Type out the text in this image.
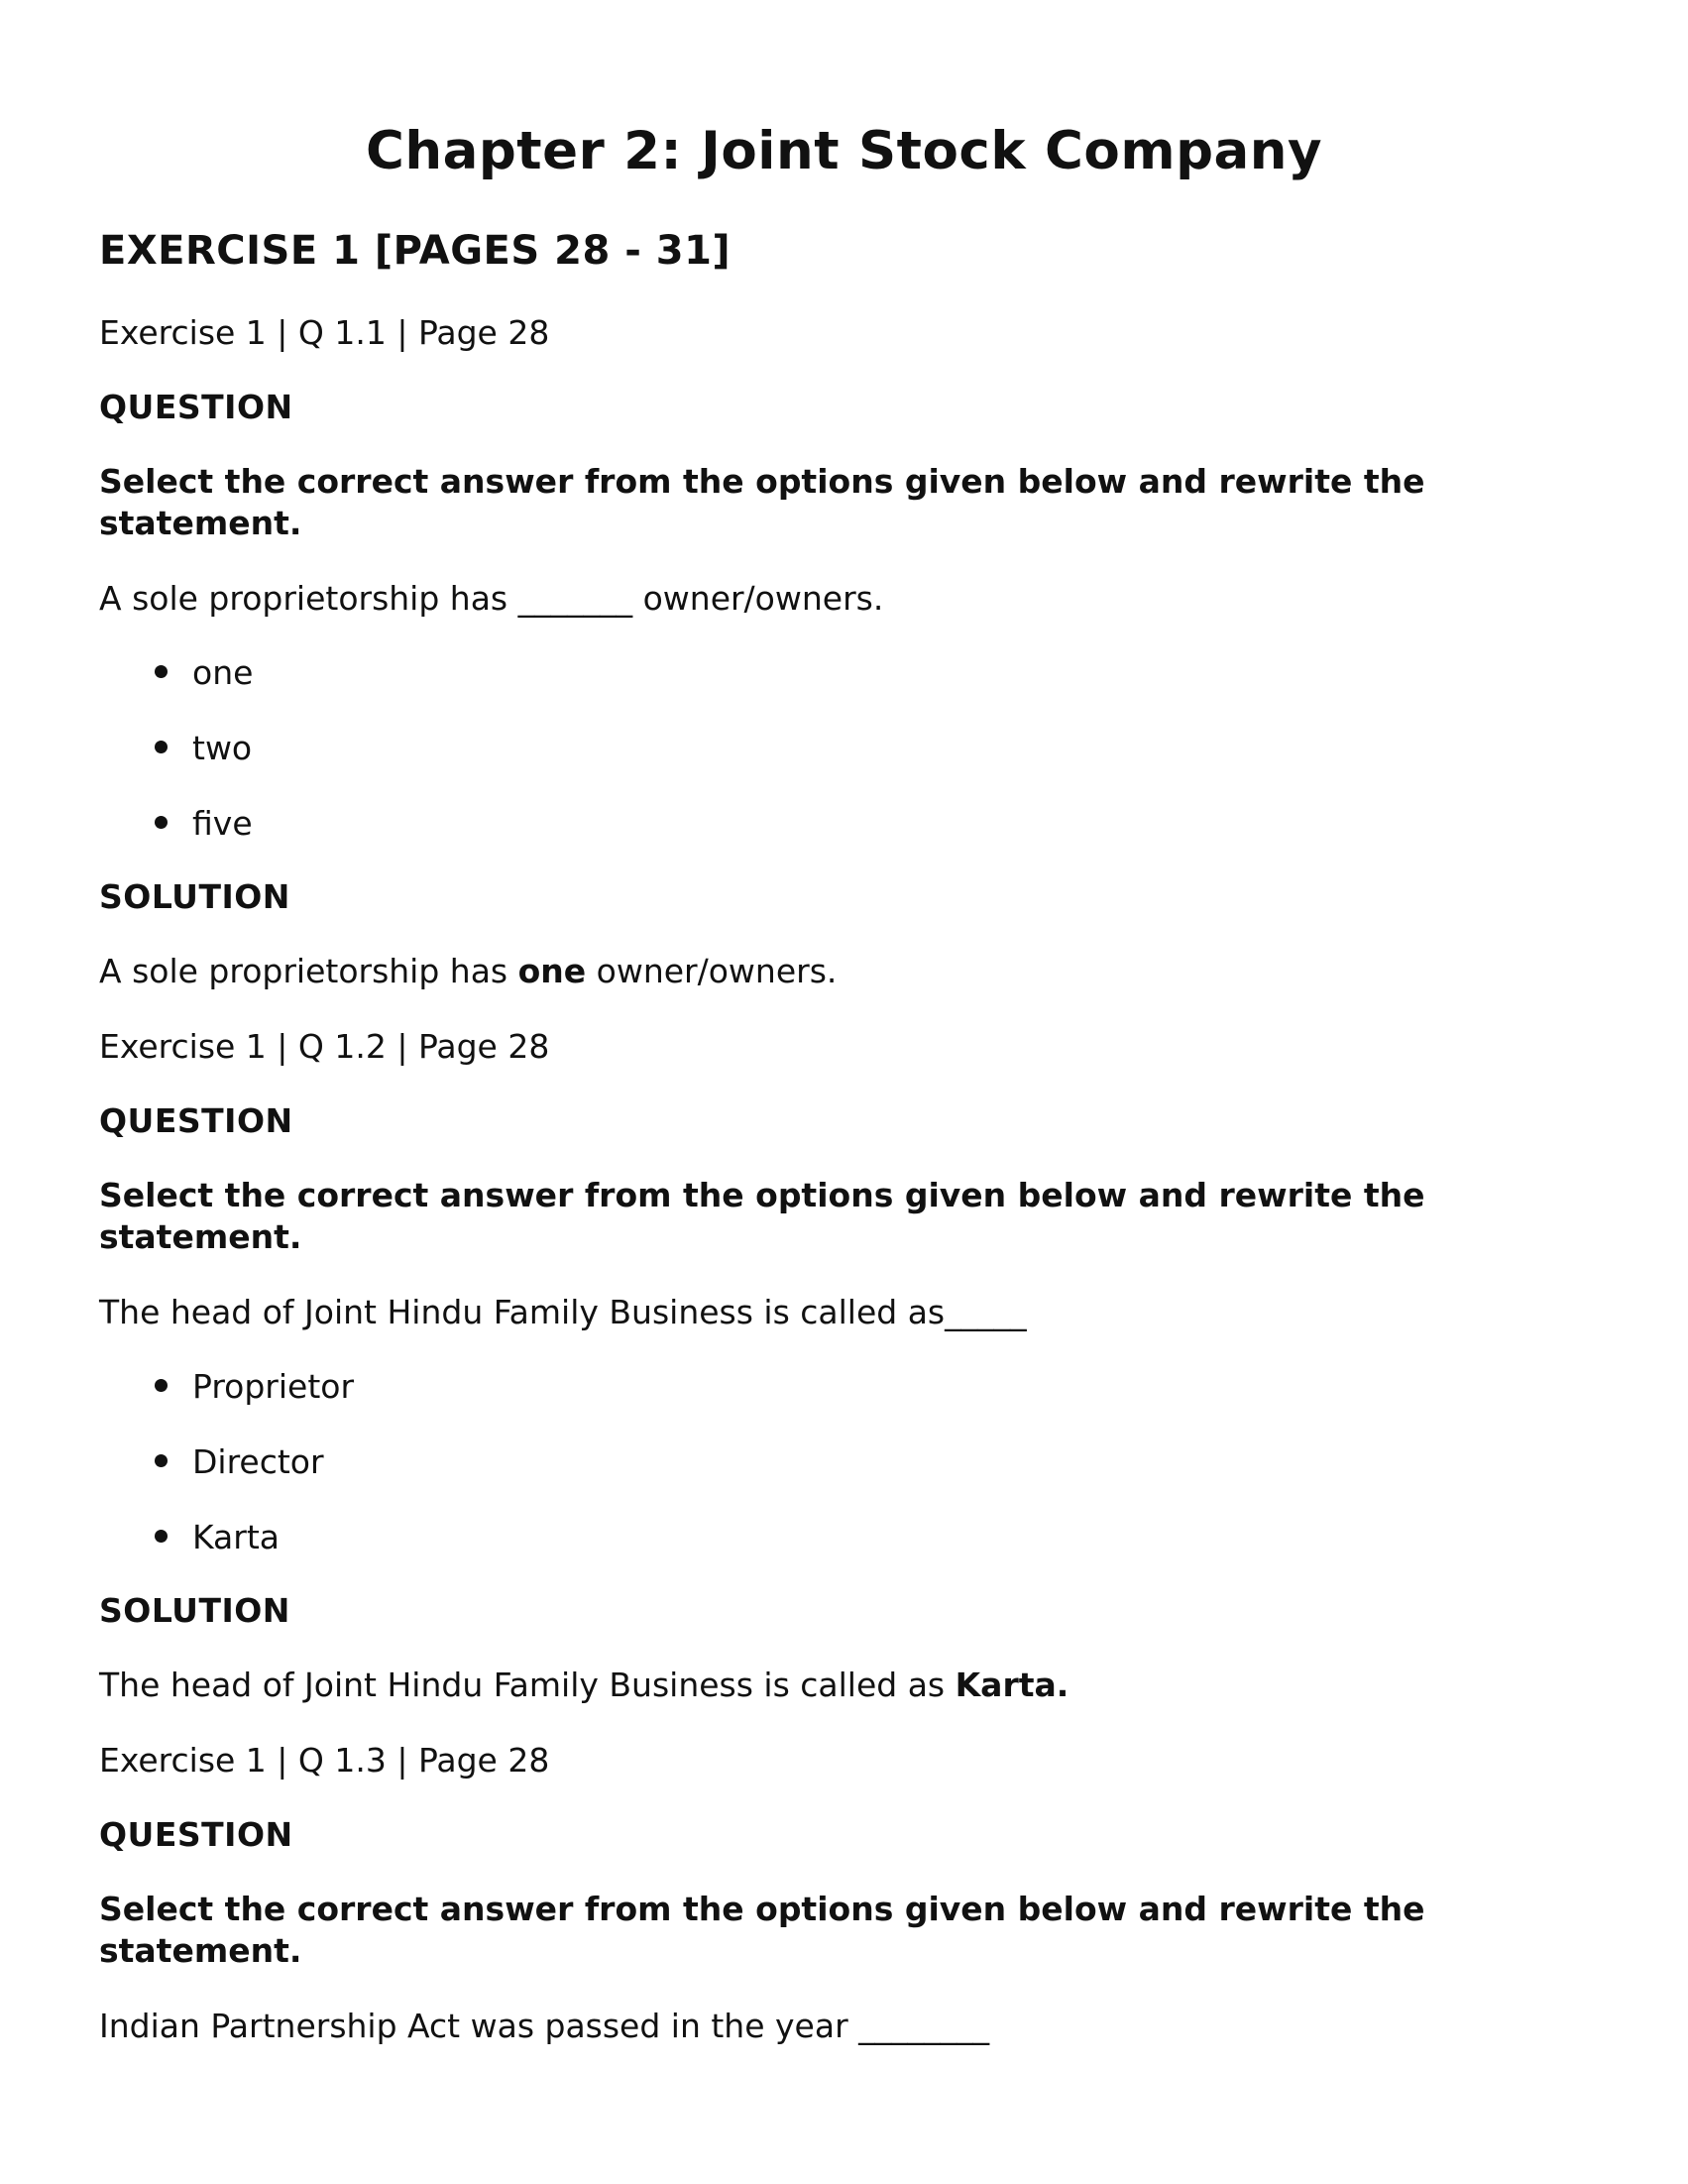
Chapter 2: Joint Stock Company
EXERCISE 1 [PAGES 28 - 31]

Exercise 1 | Q 1.1 | Page 28

QUESTION

Select the correct answer from the options given below and rewrite the statement.

A sole proprietorship has _______ owner/owners.

one
two
five

SOLUTION

A sole proprietorship has one owner/owners.

Exercise 1 | Q 1.2 | Page 28

QUESTION

Select the correct answer from the options given below and rewrite the statement.

The head of Joint Hindu Family Business is called as_____

Proprietor
Director
Karta

SOLUTION

The head of Joint Hindu Family Business is called as Karta.

Exercise 1 | Q 1.3 | Page 28

QUESTION

Select the correct answer from the options given below and rewrite the statement.

Indian Partnership Act was passed in the year ________
